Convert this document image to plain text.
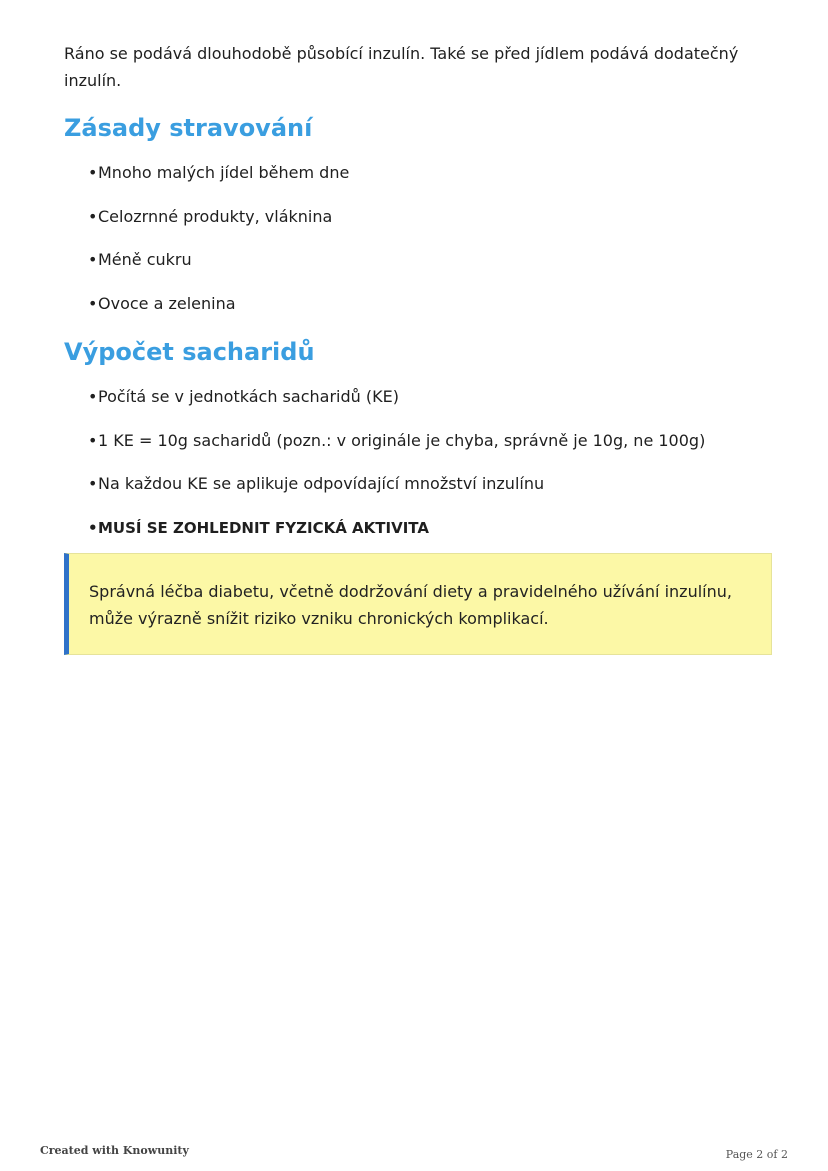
Ráno se podává dlouhodobě působící inzulín. Také se před jídlem podává dodatečný inzulín.

Zásady stravování
•Mnoho malých jídel během dne
•Celozrnné produkty, vláknina
•Méně cukru
•Ovoce a zelenina
Výpočet sacharidů
•Počítá se v jednotkách sacharidů (KE)
•1 KE = 10g sacharidů (pozn.: v originále je chyba, správně je 10g, ne 100g)
•Na každou KE se aplikuje odpovídající množství inzulínu
•MUSÍ SE ZOHLEDNIT FYZICKÁ AKTIVITA
Správná léčba diabetu, včetně dodržování diety a pravidelného užívání inzulínu, může výrazně snížit riziko vzniku chronických komplikací.
Created with Knowunity	Page 2 of 2
